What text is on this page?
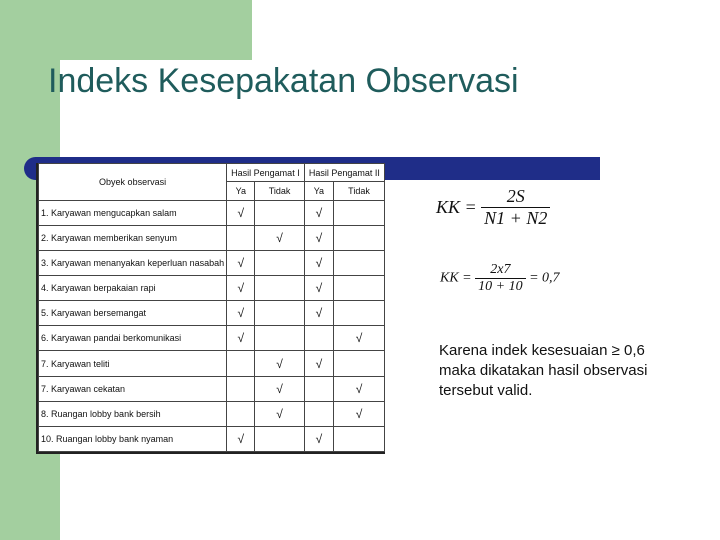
Indeks Kesepakatan Observasi
Obyek observasi	Hasil Pengamat I		Hasil Pengamat II	
	Ya	Tidak	Ya	Tidak
1. Karyawan mengucapkan salam	√		√	
2. Karyawan memberikan senyum		√	√	
3. Karyawan menanyakan keperluan nasabah	√		√	
4. Karyawan berpakaian rapi	√		√	
5. Karyawan bersemangat	√		√	
6. Karyawan pandai berkomunikasi	√			√
7. Karyawan teliti		√	√	
7. Karyawan cekatan		√		√
8. Ruangan lobby bank bersih		√		√
10. Ruangan lobby bank nyaman	√		√	
KK = $\frac{2S}{N1 + N2}$
KK = $\frac{2x7}{10 + 10} = 0,7$
Karena indek kesesuaian ≥ 0,6 maka dikatakan hasil observasi tersebut valid.
